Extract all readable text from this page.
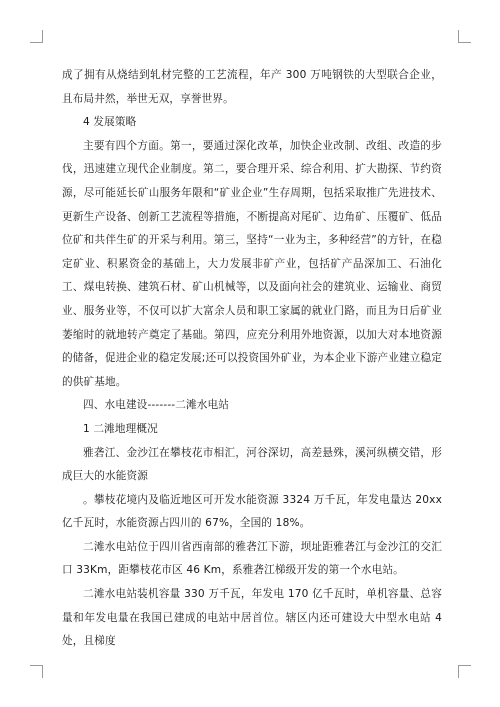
成了拥有从烧结到轧材完整的工艺流程，年产 300 万吨钢铁的大型联合企业，且布局井然，举世无双，享誉世界。

4 发展策略

主要有四个方面。第一，要通过深化改革，加快企业改制、改组、改造的步伐，迅速建立现代企业制度。第二，要合理开采、综合利用、扩大勘探、节约资源，尽可能延长矿山服务年限和“矿业企业”生存周期，包括采取推广先进技术、更新生产设备、创新工艺流程等措施，不断提高对尾矿、边角矿、压覆矿、低品位矿和共伴生矿的开采与利用。第三，坚持“一业为主，多种经营”的方针，在稳定矿业、积累资金的基础上，大力发展非矿产业，包括矿产品深加工、石油化工、煤电转换、建筑石材、矿山机械等，以及面向社会的建筑业、运输业、商贸业、服务业等，不仅可以扩大富余人员和职工家属的就业门路，而且为日后矿业萎缩时的就地转产奠定了基础。第四，应充分利用外地资源，以加大对本地资源的储备，促进企业的稳定发展;还可以投资国外矿业，为本企业下游产业建立稳定的供矿基地。

四、水电建设-------二滩水电站

1 二滩地理概况

雅砻江、金沙江在攀枝花市相汇，河谷深切，高差悬殊，溪河纵横交错，形成巨大的水能资源

。攀枝花境内及临近地区可开发水能资源 3324 万千瓦，年发电量达 20xx 亿千瓦时，水能资源占四川的 67%，全国的 18%。

二滩水电站位于四川省西南部的雅砻江下游，坝址距雅砻江与金沙江的交汇口 33Km，距攀枝花市区 46 Km，系雅砻江梯级开发的第一个水电站。

二滩水电站装机容量 330 万千瓦，年发电 170 亿千瓦时，单机容量、总容量和年发电量在我国已建成的电站中居首位。辖区内还可建设大中型水电站 4 处，且梯度
